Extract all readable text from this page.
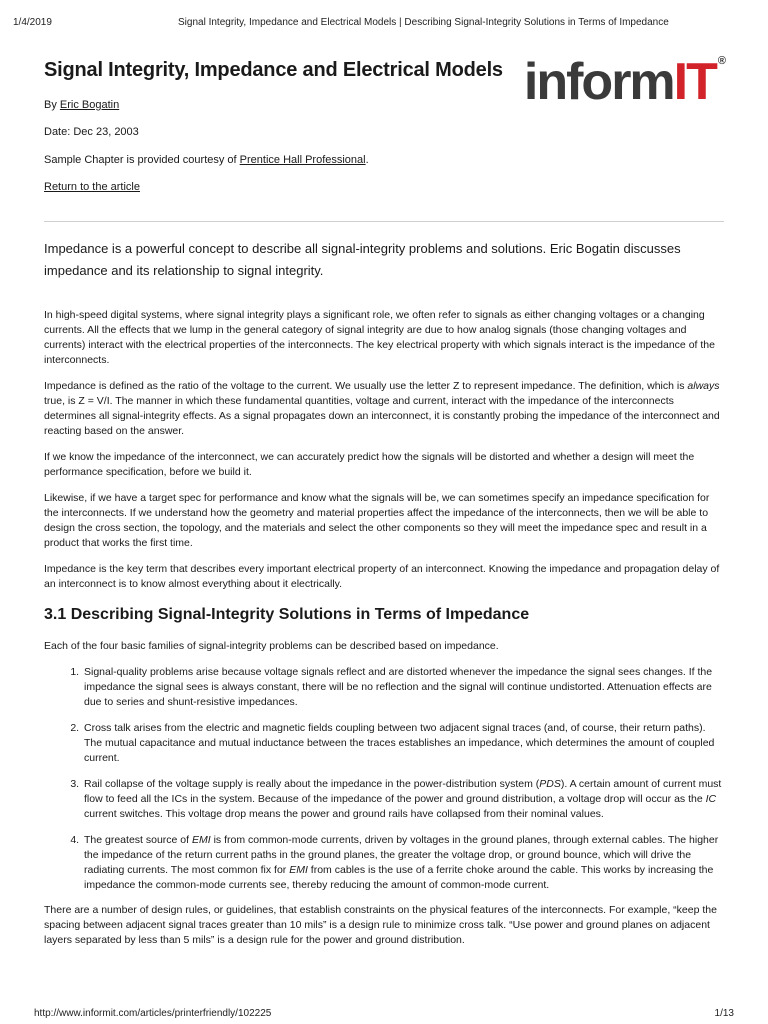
1/4/2019	Signal Integrity, Impedance and Electrical Models | Describing Signal-Integrity Solutions in Terms of Impedance
Signal Integrity, Impedance and Electrical Models

By Eric Bogatin

Date: Dec 23, 2003

Sample Chapter is provided courtesy of Prentice Hall Professional.

Return to the article

inform IT ®

Impedance is a powerful concept to describe all signal-integrity problems and solutions. Eric Bogatin discusses impedance and its relationship to signal integrity.

In high-speed digital systems, where signal integrity plays a significant role, we often refer to signals as either changing voltages or a changing currents. All the effects that we lump in the general category of signal integrity are due to how analog signals (those changing voltages and currents) interact with the electrical properties of the interconnects. The key electrical property with which signals interact is the impedance of the interconnects.

Impedance is defined as the ratio of the voltage to the current. We usually use the letter Z to represent impedance. The definition, which is always true, is Z = V/I. The manner in which these fundamental quantities, voltage and current, interact with the impedance of the interconnects determines all signal-integrity effects. As a signal propagates down an interconnect, it is constantly probing the impedance of the interconnect and reacting based on the answer.

If we know the impedance of the interconnect, we can accurately predict how the signals will be distorted and whether a design will meet the performance specification, before we build it.

Likewise, if we have a target spec for performance and know what the signals will be, we can sometimes specify an impedance specification for the interconnects. If we understand how the geometry and material properties affect the impedance of the interconnects, then we will be able to design the cross section, the topology, and the materials and select the other components so they will meet the impedance spec and result in a product that works the first time.

Impedance is the key term that describes every important electrical property of an interconnect. Knowing the impedance and propagation delay of an interconnect is to know almost everything about it electrically.

3.1 Describing Signal-Integrity Solutions in Terms of Impedance

Each of the four basic families of signal-integrity problems can be described based on impedance.

1. Signal-quality problems arise because voltage signals reflect and are distorted whenever the impedance the signal sees changes. If the impedance the signal sees is always constant, there will be no reflection and the signal will continue undistorted. Attenuation effects are due to series and shunt-resistive impedances.
2. Cross talk arises from the electric and magnetic fields coupling between two adjacent signal traces (and, of course, their return paths). The mutual capacitance and mutual inductance between the traces establishes an impedance, which determines the amount of coupled current.
3. Rail collapse of the voltage supply is really about the impedance in the power-distribution system (PDS). A certain amount of current must flow to feed all the ICs in the system. Because of the impedance of the power and ground distribution, a voltage drop will occur as the IC current switches. This voltage drop means the power and ground rails have collapsed from their nominal values.
4. The greatest source of EMI is from common-mode currents, driven by voltages in the ground planes, through external cables. The higher the impedance of the return current paths in the ground planes, the greater the voltage drop, or ground bounce, which will drive the radiating currents. The most common fix for EMI from cables is the use of a ferrite choke around the cable. This works by increasing the impedance the common-mode currents see, thereby reducing the amount of common-mode current.

There are a number of design rules, or guidelines, that establish constraints on the physical features of the interconnects. For example, “keep the spacing between adjacent signal traces greater than 10 mils” is a design rule to minimize cross talk. “Use power and ground planes on adjacent layers separated by less than 5 mils” is a design rule for the power and ground distribution.

http://www.informit.com/articles/printerfriendly/102225	1/13
